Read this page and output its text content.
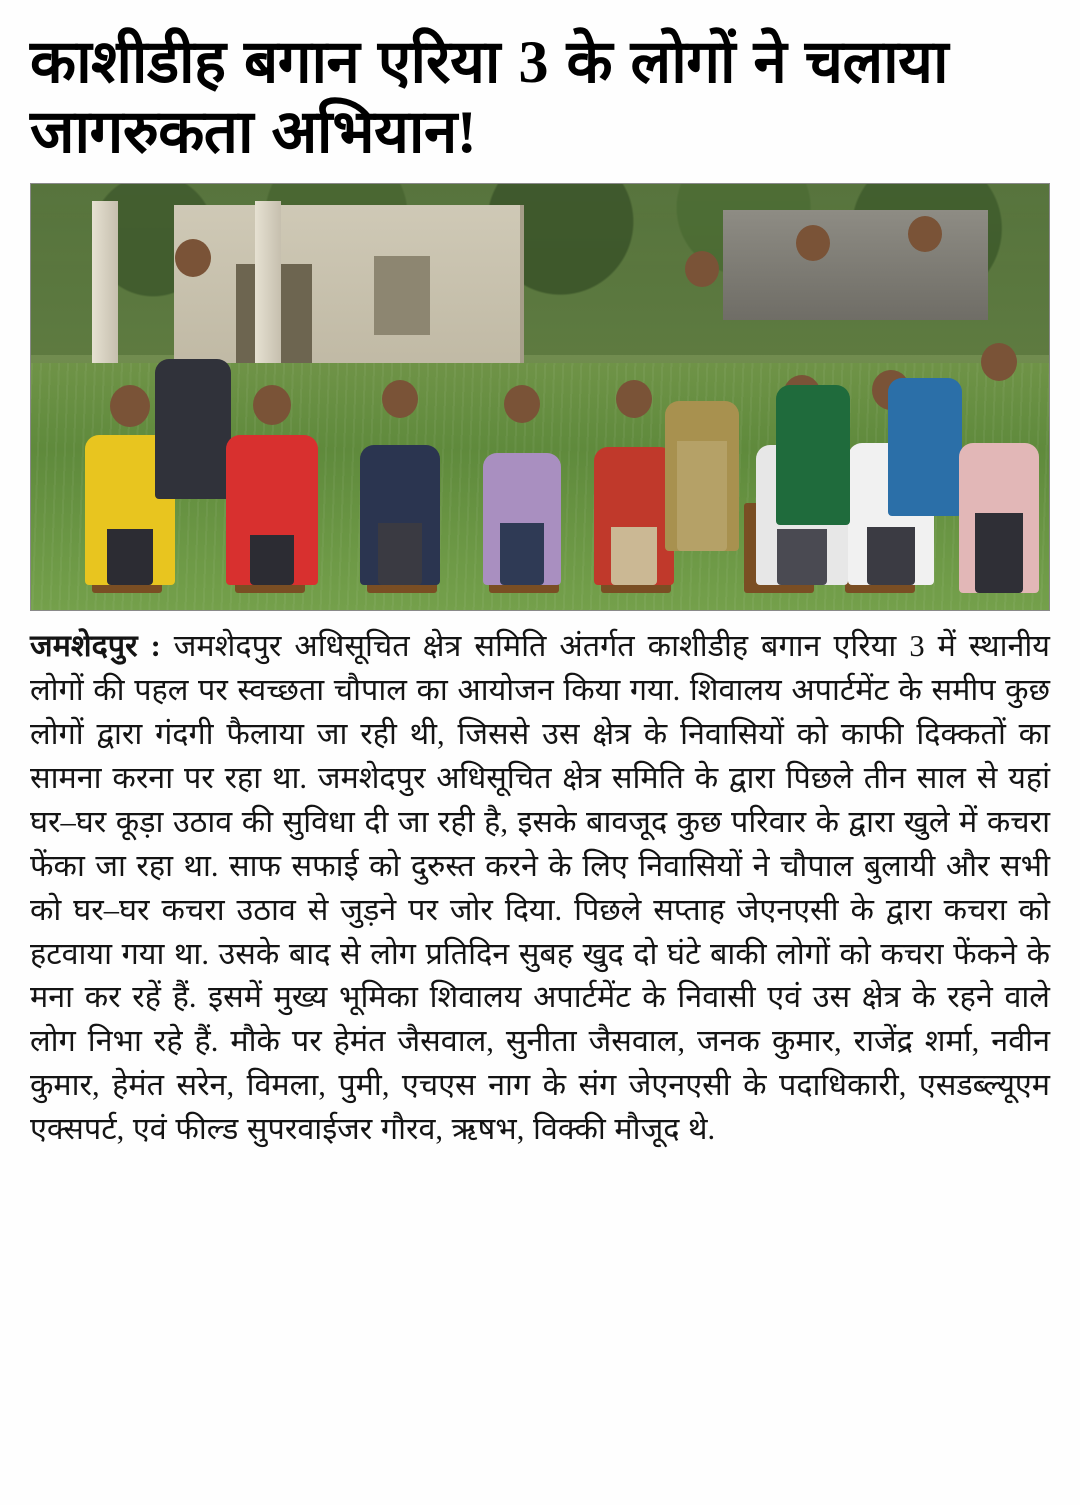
काशीडीह बगान एरिया 3 के लोगों ने चलाया जागरुकता अभियान!

जमशेदपुर : जमशेदपुर अधिसूचित क्षेत्र समिति अंतर्गत काशीडीह बगान एरिया 3 में स्थानीय लोगों की पहल पर स्वच्छता चौपाल का आयोजन किया गया. शिवालय अपार्टमेंट के समीप कुछ लोगों द्वारा गंदगी फैलाया जा रही थी, जिससे उस क्षेत्र के निवासियों को काफी दिक्कतों का सामना करना पर रहा था. जमशेदपुर अधिसूचित क्षेत्र समिति के द्वारा पिछले तीन साल से यहां घर–घर कूड़ा उठाव की सुविधा दी जा रही है, इसके बावजूद कुछ परिवार के द्वारा खुले में कचरा फेंका जा रहा था. साफ सफाई को दुरुस्त करने के लिए निवासियों ने चौपाल बुलायी और सभी को घर–घर कचरा उठाव से जुड़ने पर जोर दिया. पिछले सप्ताह जेएनएसी के द्वारा कचरा को हटवाया गया था. उसके बाद से लोग प्रतिदिन सुबह खुद दो घंटे बाकी लोगों को कचरा फेंकने के मना कर रहें हैं. इसमें मुख्य भूमिका शिवालय अपार्टमेंट के निवासी एवं उस क्षेत्र के रहने वाले लोग निभा रहे हैं. मौके पर हेमंत जैसवाल, सुनीता जैसवाल, जनक कुमार, राजेंद्र शर्मा, नवीन कुमार, हेमंत सरेन, विमला, पुमी, एचएस नाग के संग जेएनएसी के पदाधिकारी, एसडब्ल्यूएम एक्सपर्ट, एवं फील्ड सुपरवाईजर गौरव, ऋषभ, विक्की मौजूद थे.
